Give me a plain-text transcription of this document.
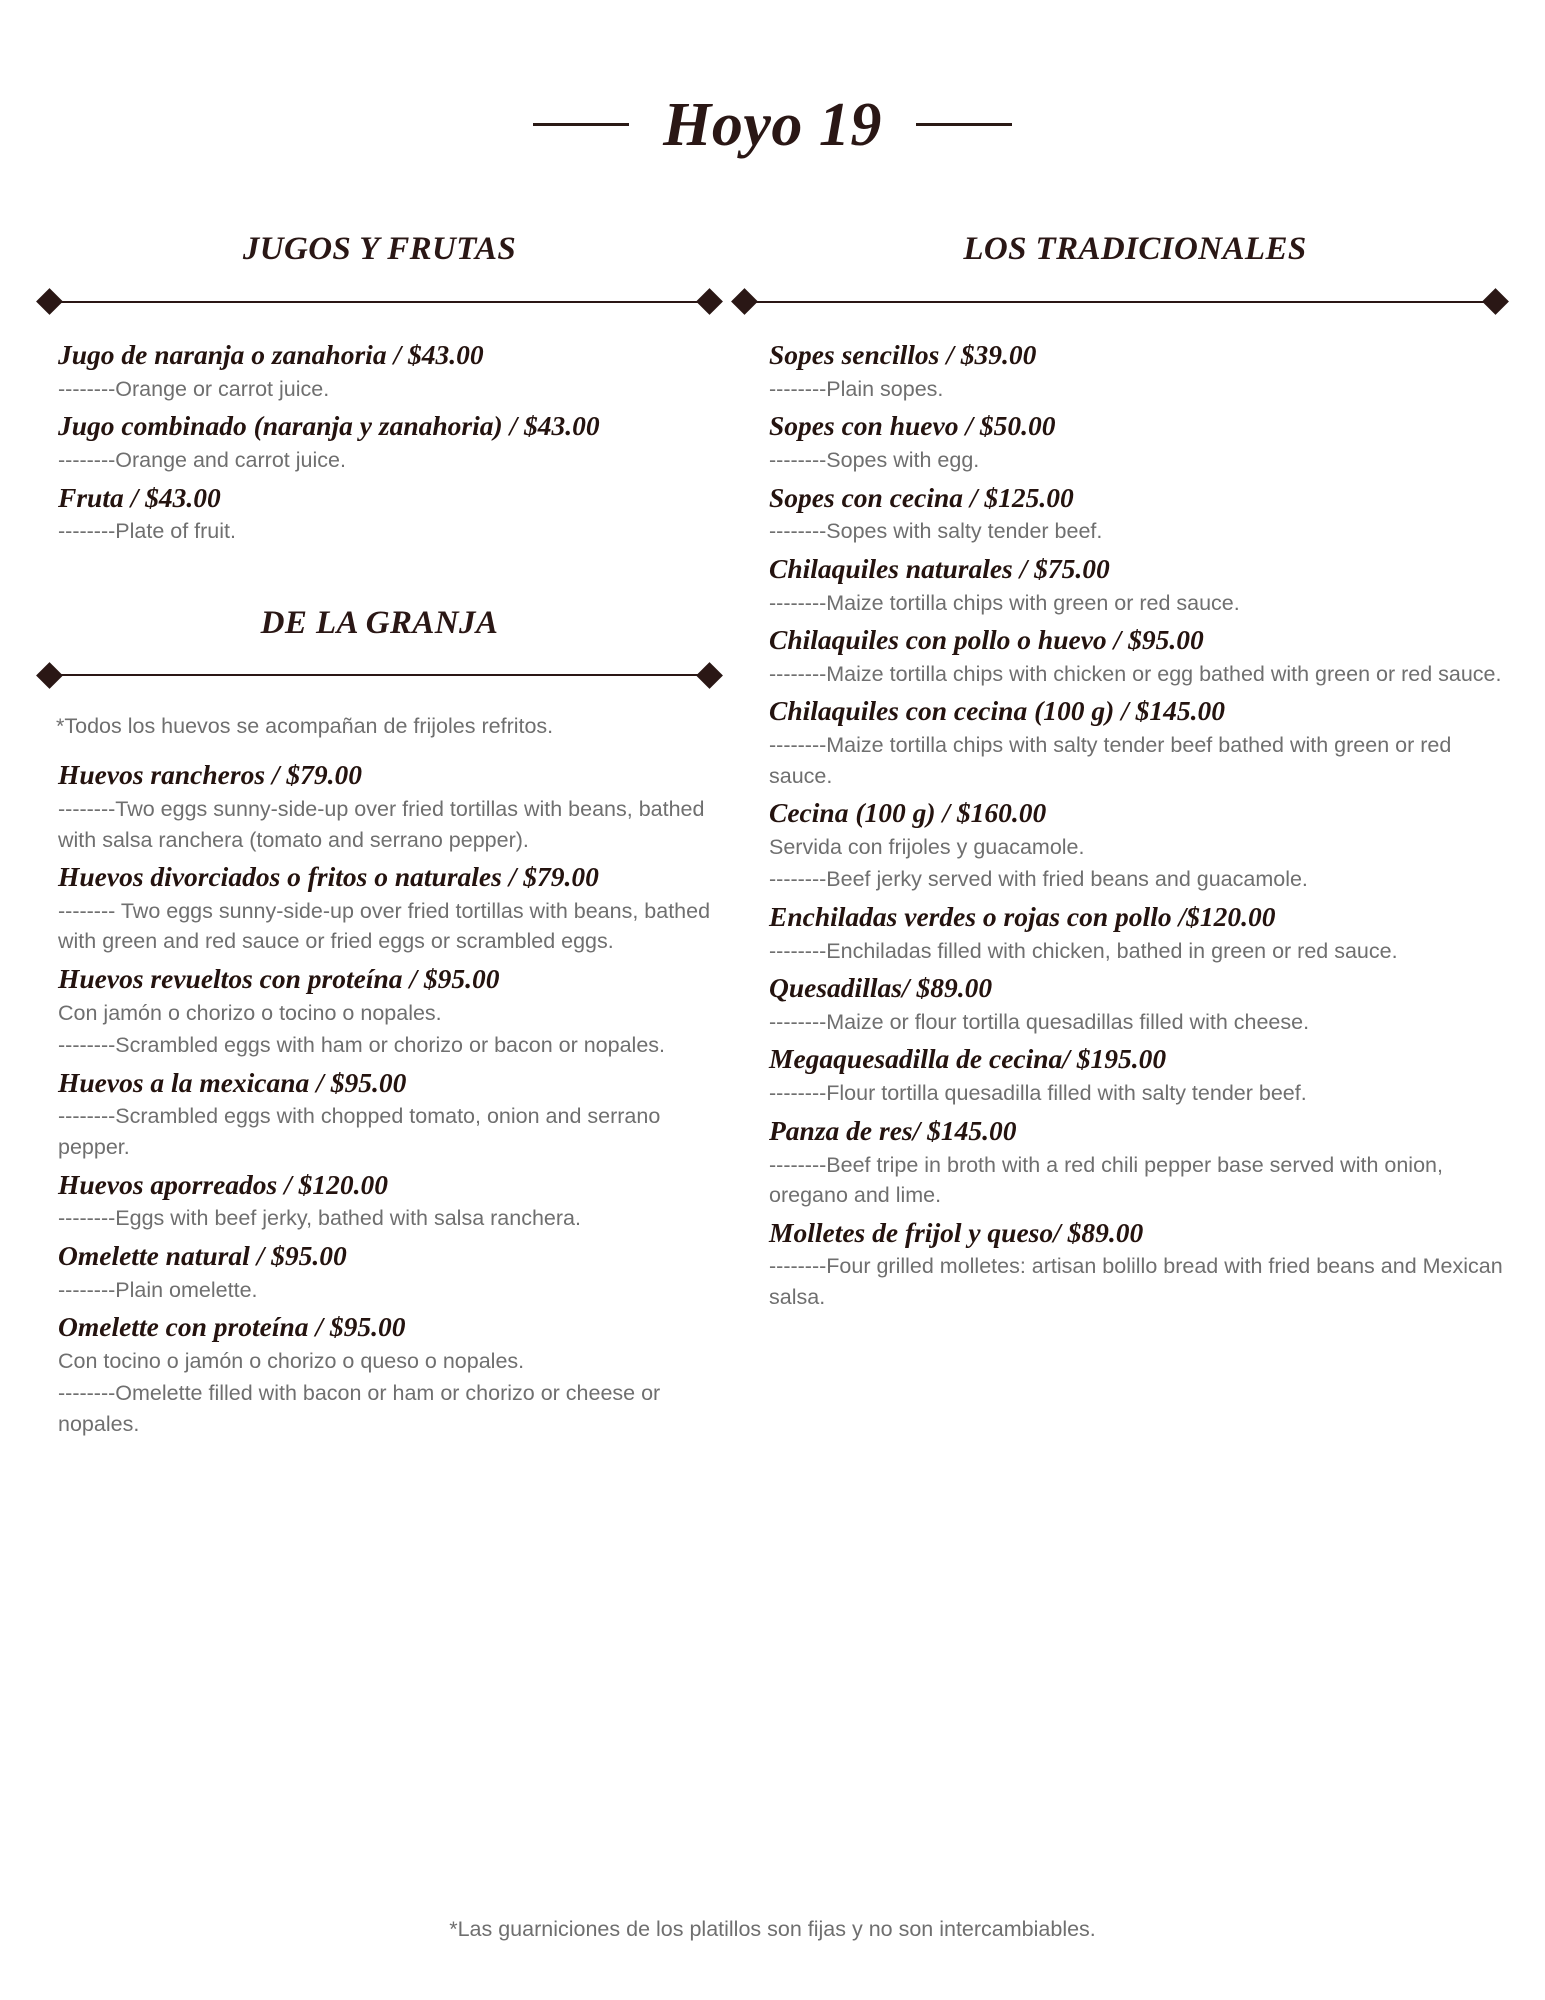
Hoyo 19
JUGOS Y FRUTAS
Jugo de naranja o zanahoria / $43.00
--------Orange or carrot juice.
Jugo combinado (naranja y zanahoria) / $43.00
--------Orange and carrot juice.
Fruta / $43.00
--------Plate of fruit.
DE LA GRANJA
*Todos los huevos se acompañan de frijoles refritos.
Huevos rancheros / $79.00
--------Two eggs sunny-side-up over fried tortillas with beans, bathed with salsa ranchera (tomato and serrano pepper).
Huevos divorciados o fritos o naturales / $79.00
-------- Two eggs sunny-side-up over fried tortillas with beans, bathed with green and red sauce or fried eggs or scrambled eggs.
Huevos revueltos con proteína / $95.00
Con jamón o chorizo o tocino o nopales.
--------Scrambled eggs with ham or chorizo or bacon or nopales.
Huevos a la mexicana / $95.00
--------Scrambled eggs with chopped tomato, onion and serrano pepper.
Huevos aporreados / $120.00
--------Eggs with beef jerky, bathed with salsa ranchera.
Omelette natural / $95.00
--------Plain omelette.
Omelette con proteína / $95.00
Con tocino o jamón o chorizo o queso o nopales.
--------Omelette filled with bacon or ham or chorizo or cheese or nopales.
LOS TRADICIONALES
Sopes sencillos / $39.00
--------Plain sopes.
Sopes con huevo / $50.00
--------Sopes with egg.
Sopes con cecina / $125.00
--------Sopes with salty tender beef.
Chilaquiles naturales / $75.00
--------Maize tortilla chips with green or red sauce.
Chilaquiles con pollo o huevo / $95.00
--------Maize tortilla chips with chicken or egg bathed with green or red sauce.
Chilaquiles con cecina (100 g) / $145.00
--------Maize tortilla chips with salty tender beef bathed with green or red sauce.
Cecina (100 g) / $160.00
Servida con frijoles y guacamole.
--------Beef jerky served with fried beans and guacamole.
Enchiladas verdes o rojas con pollo /$120.00
--------Enchiladas filled with chicken, bathed in green or red sauce.
Quesadillas/ $89.00
--------Maize or flour tortilla quesadillas filled with cheese.
Megaquesadilla de cecina/ $195.00
--------Flour tortilla quesadilla filled with salty tender beef.
Panza de res/ $145.00
--------Beef tripe in broth with a red chili pepper base served with onion, oregano and lime.
Molletes de frijol y queso/ $89.00
--------Four grilled molletes: artisan bolillo bread with fried beans and Mexican salsa.
*Las guarniciones de los platillos son fijas y no son intercambiables.
